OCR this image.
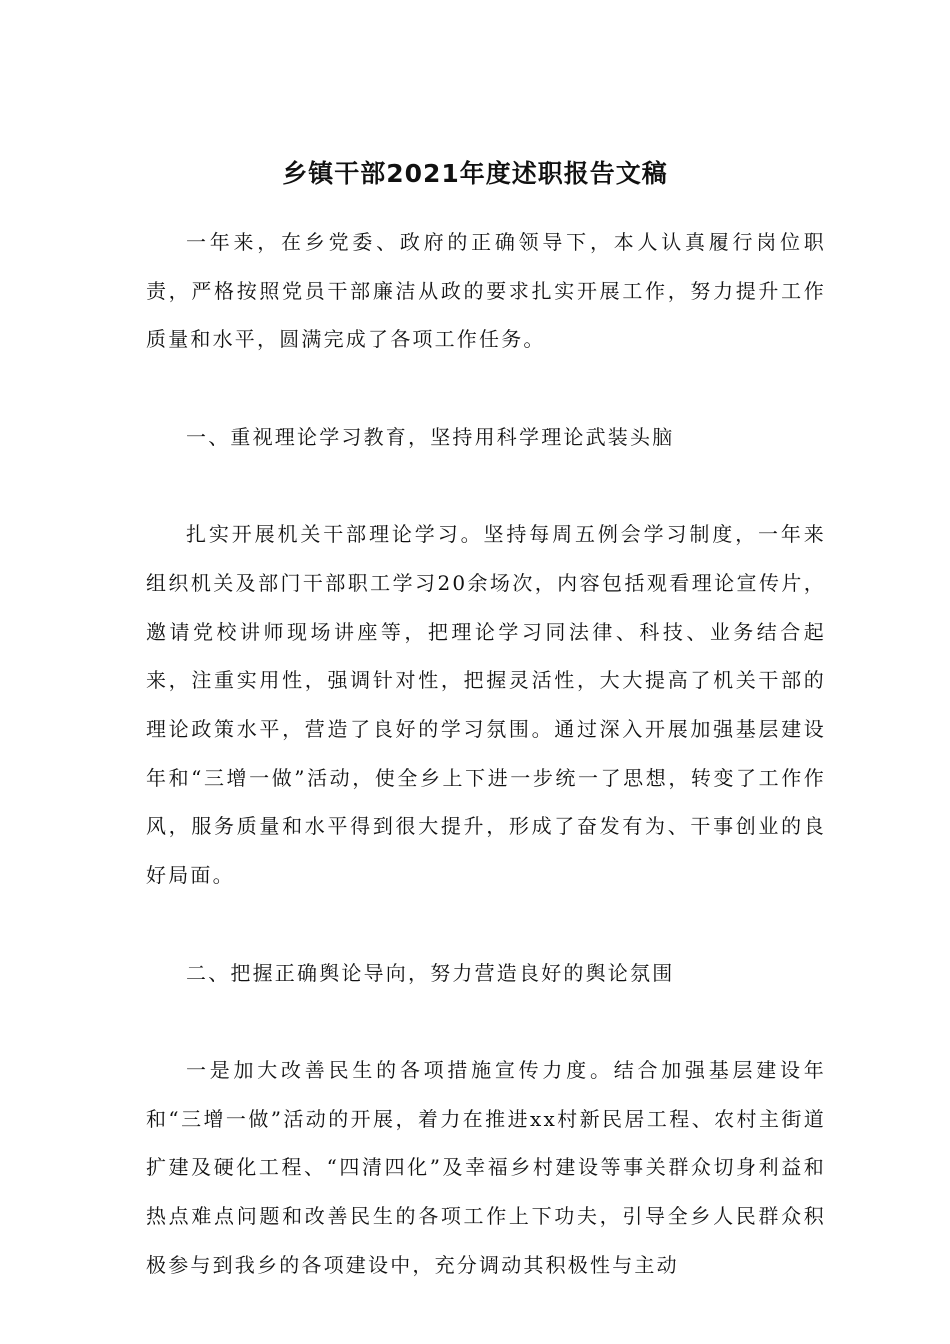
乡镇干部2021年度述职报告文稿

一年来，在乡党委、政府的正确领导下，本人认真履行岗位职责，严格按照党员干部廉洁从政的要求扎实开展工作，努力提升工作质量和水平，圆满完成了各项工作任务。

一、重视理论学习教育，坚持用科学理论武装头脑

扎实开展机关干部理论学习。坚持每周五例会学习制度，一年来组织机关及部门干部职工学习20余场次，内容包括观看理论宣传片，邀请党校讲师现场讲座等，把理论学习同法律、科技、业务结合起来，注重实用性，强调针对性，把握灵活性，大大提高了机关干部的理论政策水平，营造了良好的学习氛围。通过深入开展加强基层建设年和“三增一做”活动，使全乡上下进一步统一了思想，转变了工作作风，服务质量和水平得到很大提升，形成了奋发有为、干事创业的良好局面。

二、把握正确舆论导向，努力营造良好的舆论氛围

一是加大改善民生的各项措施宣传力度。结合加强基层建设年和“三增一做”活动的开展，着力在推进xx村新民居工程、农村主街道扩建及硬化工程、“四清四化”及幸福乡村建设等事关群众切身利益和热点难点问题和改善民生的各项工作上下功夫，引导全乡人民群众积极参与到我乡的各项建设中，充分调动其积极性与主动
